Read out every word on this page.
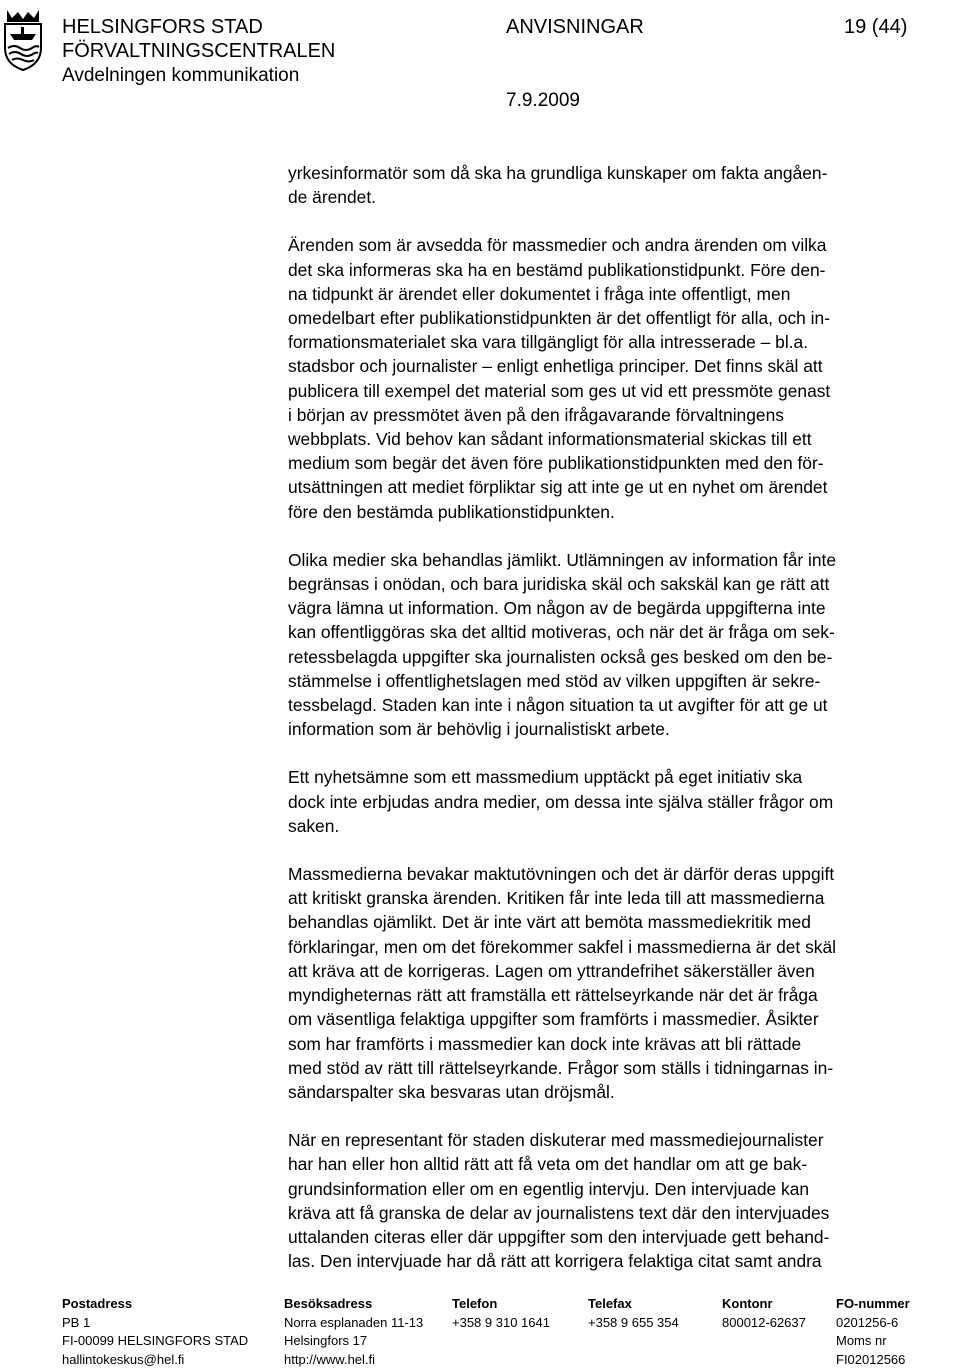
HELSINGFORS STAD
FÖRVALTNINGSCENTRALEN
Avdelningen kommunikation
ANVISNINGAR	19 (44)
7.9.2009

yrkesinformatör som då ska ha grundliga kunskaper om fakta angåen-

de ärendet.

Ärenden som är avsedda för massmedier och andra ärenden om vilka

det ska informeras ska ha en bestämd publikationstidpunkt. Före den-

na tidpunkt är ärendet eller dokumentet i fråga inte offentligt, men

omedelbart efter publikationstidpunkten är det offentligt för alla, och in-

formationsmaterialet ska vara tillgängligt för alla intresserade – bl.a.

stadsbor och journalister – enligt enhetliga principer. Det finns skäl att

publicera till exempel det material som ges ut vid ett pressmöte genast

i början av pressmötet även på den ifrågavarande förvaltningens

webbplats. Vid behov kan sådant informationsmaterial skickas till ett

medium som begär det även före publikationstidpunkten med den för-

utsättningen att mediet förpliktar sig att inte ge ut en nyhet om ärendet

före den bestämda publikationstidpunkten.

Olika medier ska behandlas jämlikt. Utlämningen av information får inte

begränsas i onödan, och bara juridiska skäl och sakskäl kan ge rätt att

vägra lämna ut information. Om någon av de begärda uppgifterna inte

kan offentliggöras ska det alltid motiveras, och när det är fråga om sek-

retessbelagda uppgifter ska journalisten också ges besked om den be-

stämmelse i offentlighetslagen med stöd av vilken uppgiften är sekre-

tessbelagd. Staden kan inte i någon situation ta ut avgifter för att ge ut

information som är behövlig i journalistiskt arbete.

Ett nyhetsämne som ett massmedium upptäckt på eget initiativ ska

dock inte erbjudas andra medier, om dessa inte själva ställer frågor om

saken.

Massmedierna bevakar maktutövningen och det är därför deras uppgift

att kritiskt granska ärenden. Kritiken får inte leda till att massmedierna

behandlas ojämlikt. Det är inte värt att bemöta massmediekritik med

förklaringar, men om det förekommer sakfel i massmedierna är det skäl

att kräva att de korrigeras. Lagen om yttrandefrihet säkerställer även

myndigheternas rätt att framställa ett rättelseyrkande när det är fråga

om väsentliga felaktiga uppgifter som framförts i massmedier. Åsikter

som har framförts i massmedier kan dock inte krävas att bli rättade

med stöd av rätt till rättelseyrkande. Frågor som ställs i tidningarnas in-

sändarspalter ska besvaras utan dröjsmål.

När en representant för staden diskuterar med massmediejournalister

har han eller hon alltid rätt att få veta om det handlar om att ge bak-

grundsinformation eller om en egentlig intervju. Den intervjuade kan

kräva att få granska de delar av journalistens text där den intervjuades

uttalanden citeras eller där uppgifter som den intervjuade gett behand-

las. Den intervjuade har då rätt att korrigera felaktiga citat samt andra

Postadress
PB 1
FI-00099 HELSINGFORS STAD
hallintokeskus@hel.fi
Besöksadress
Norra esplanaden 11-13
Helsingfors 17
http://www.hel.fi
Telefon
+358 9 310 1641
Telefax
+358 9 655 354
Kontonr
800012-62637
FO-nummer
0201256-6
Moms nr
FI02012566
